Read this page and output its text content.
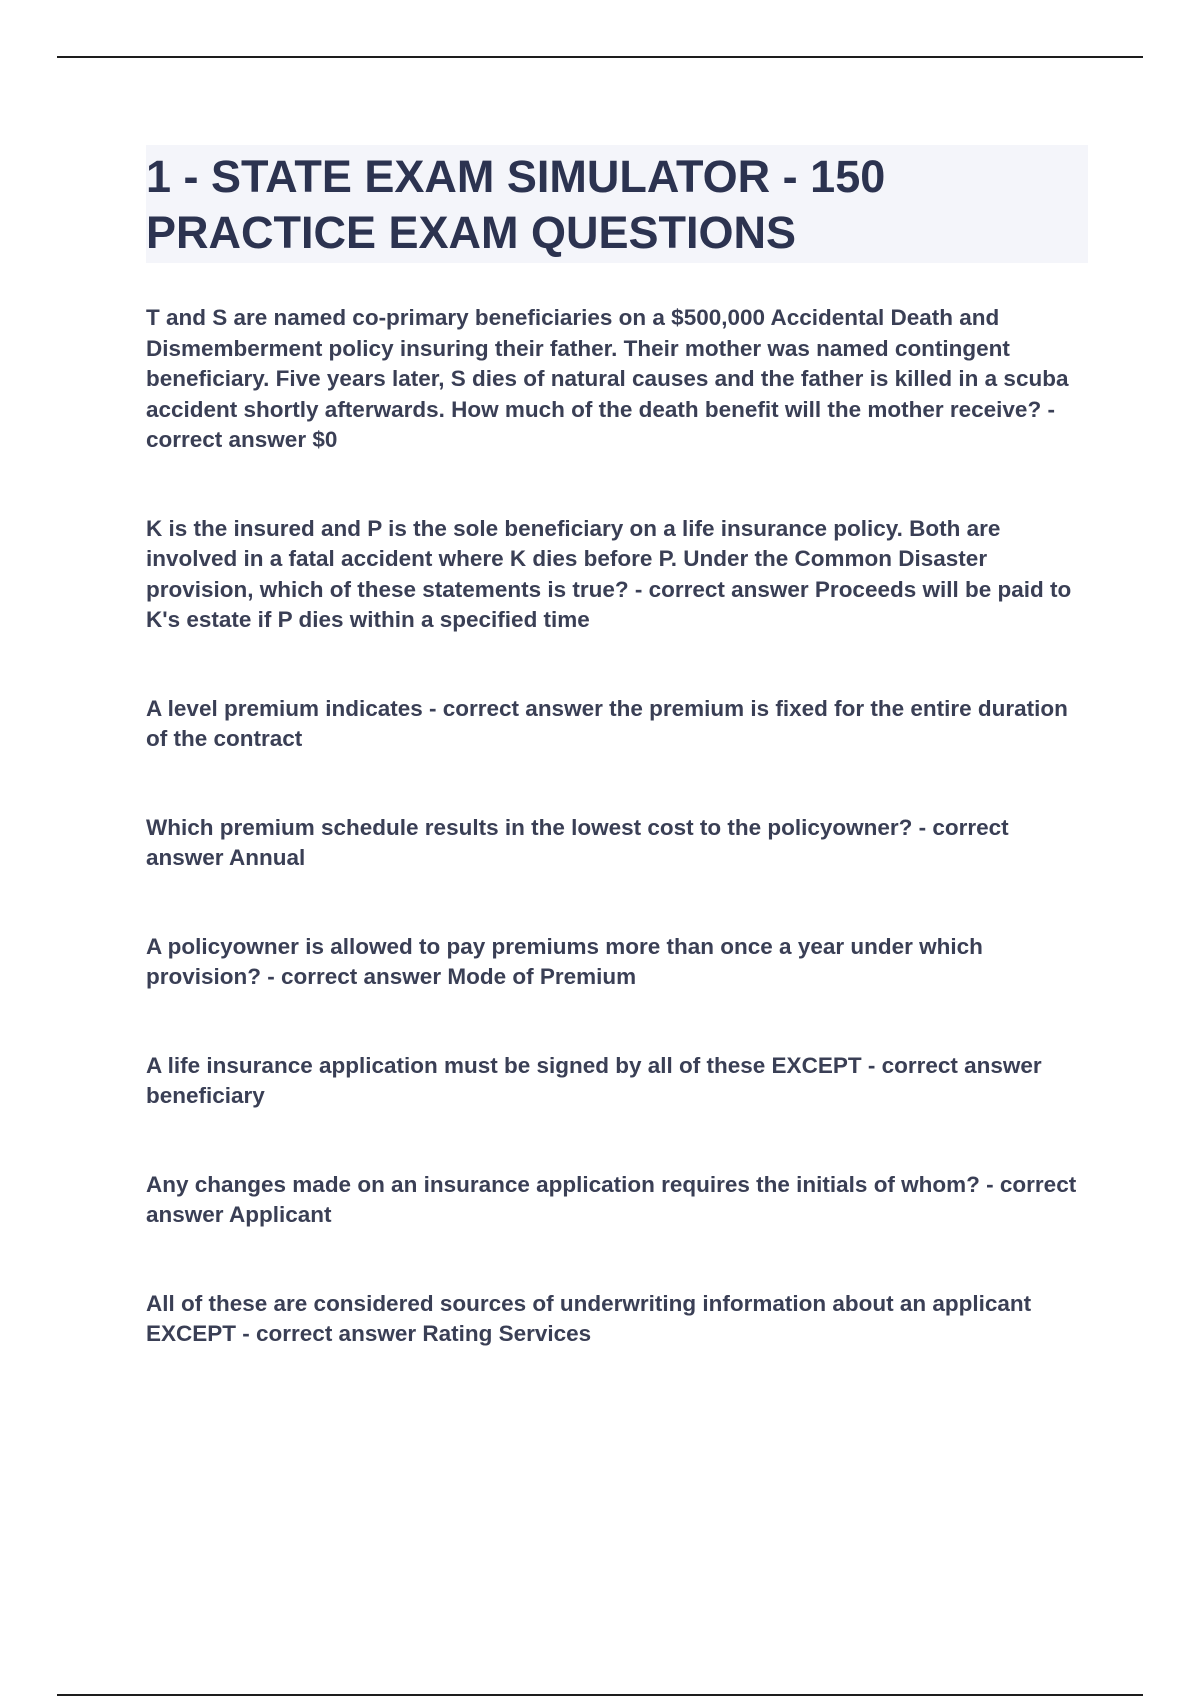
1 - STATE EXAM SIMULATOR - 150 PRACTICE EXAM QUESTIONS
T and S are named co-primary beneficiaries on a $500,000 Accidental Death and Dismemberment policy insuring their father. Their mother was named contingent beneficiary. Five years later, S dies of natural causes and the father is killed in a scuba accident shortly afterwards. How much of the death benefit will the mother receive? - correct answer $0
K is the insured and P is the sole beneficiary on a life insurance policy. Both are involved in a fatal accident where K dies before P. Under the Common Disaster provision, which of these statements is true? - correct answer Proceeds will be paid to K's estate if P dies within a specified time
A level premium indicates - correct answer the premium is fixed for the entire duration of the contract
Which premium schedule results in the lowest cost to the policyowner? - correct answer Annual
A policyowner is allowed to pay premiums more than once a year under which provision? - correct answer Mode of Premium
A life insurance application must be signed by all of these EXCEPT - correct answer beneficiary
Any changes made on an insurance application requires the initials of whom? - correct answer Applicant
All of these are considered sources of underwriting information about an applicant EXCEPT - correct answer Rating Services
